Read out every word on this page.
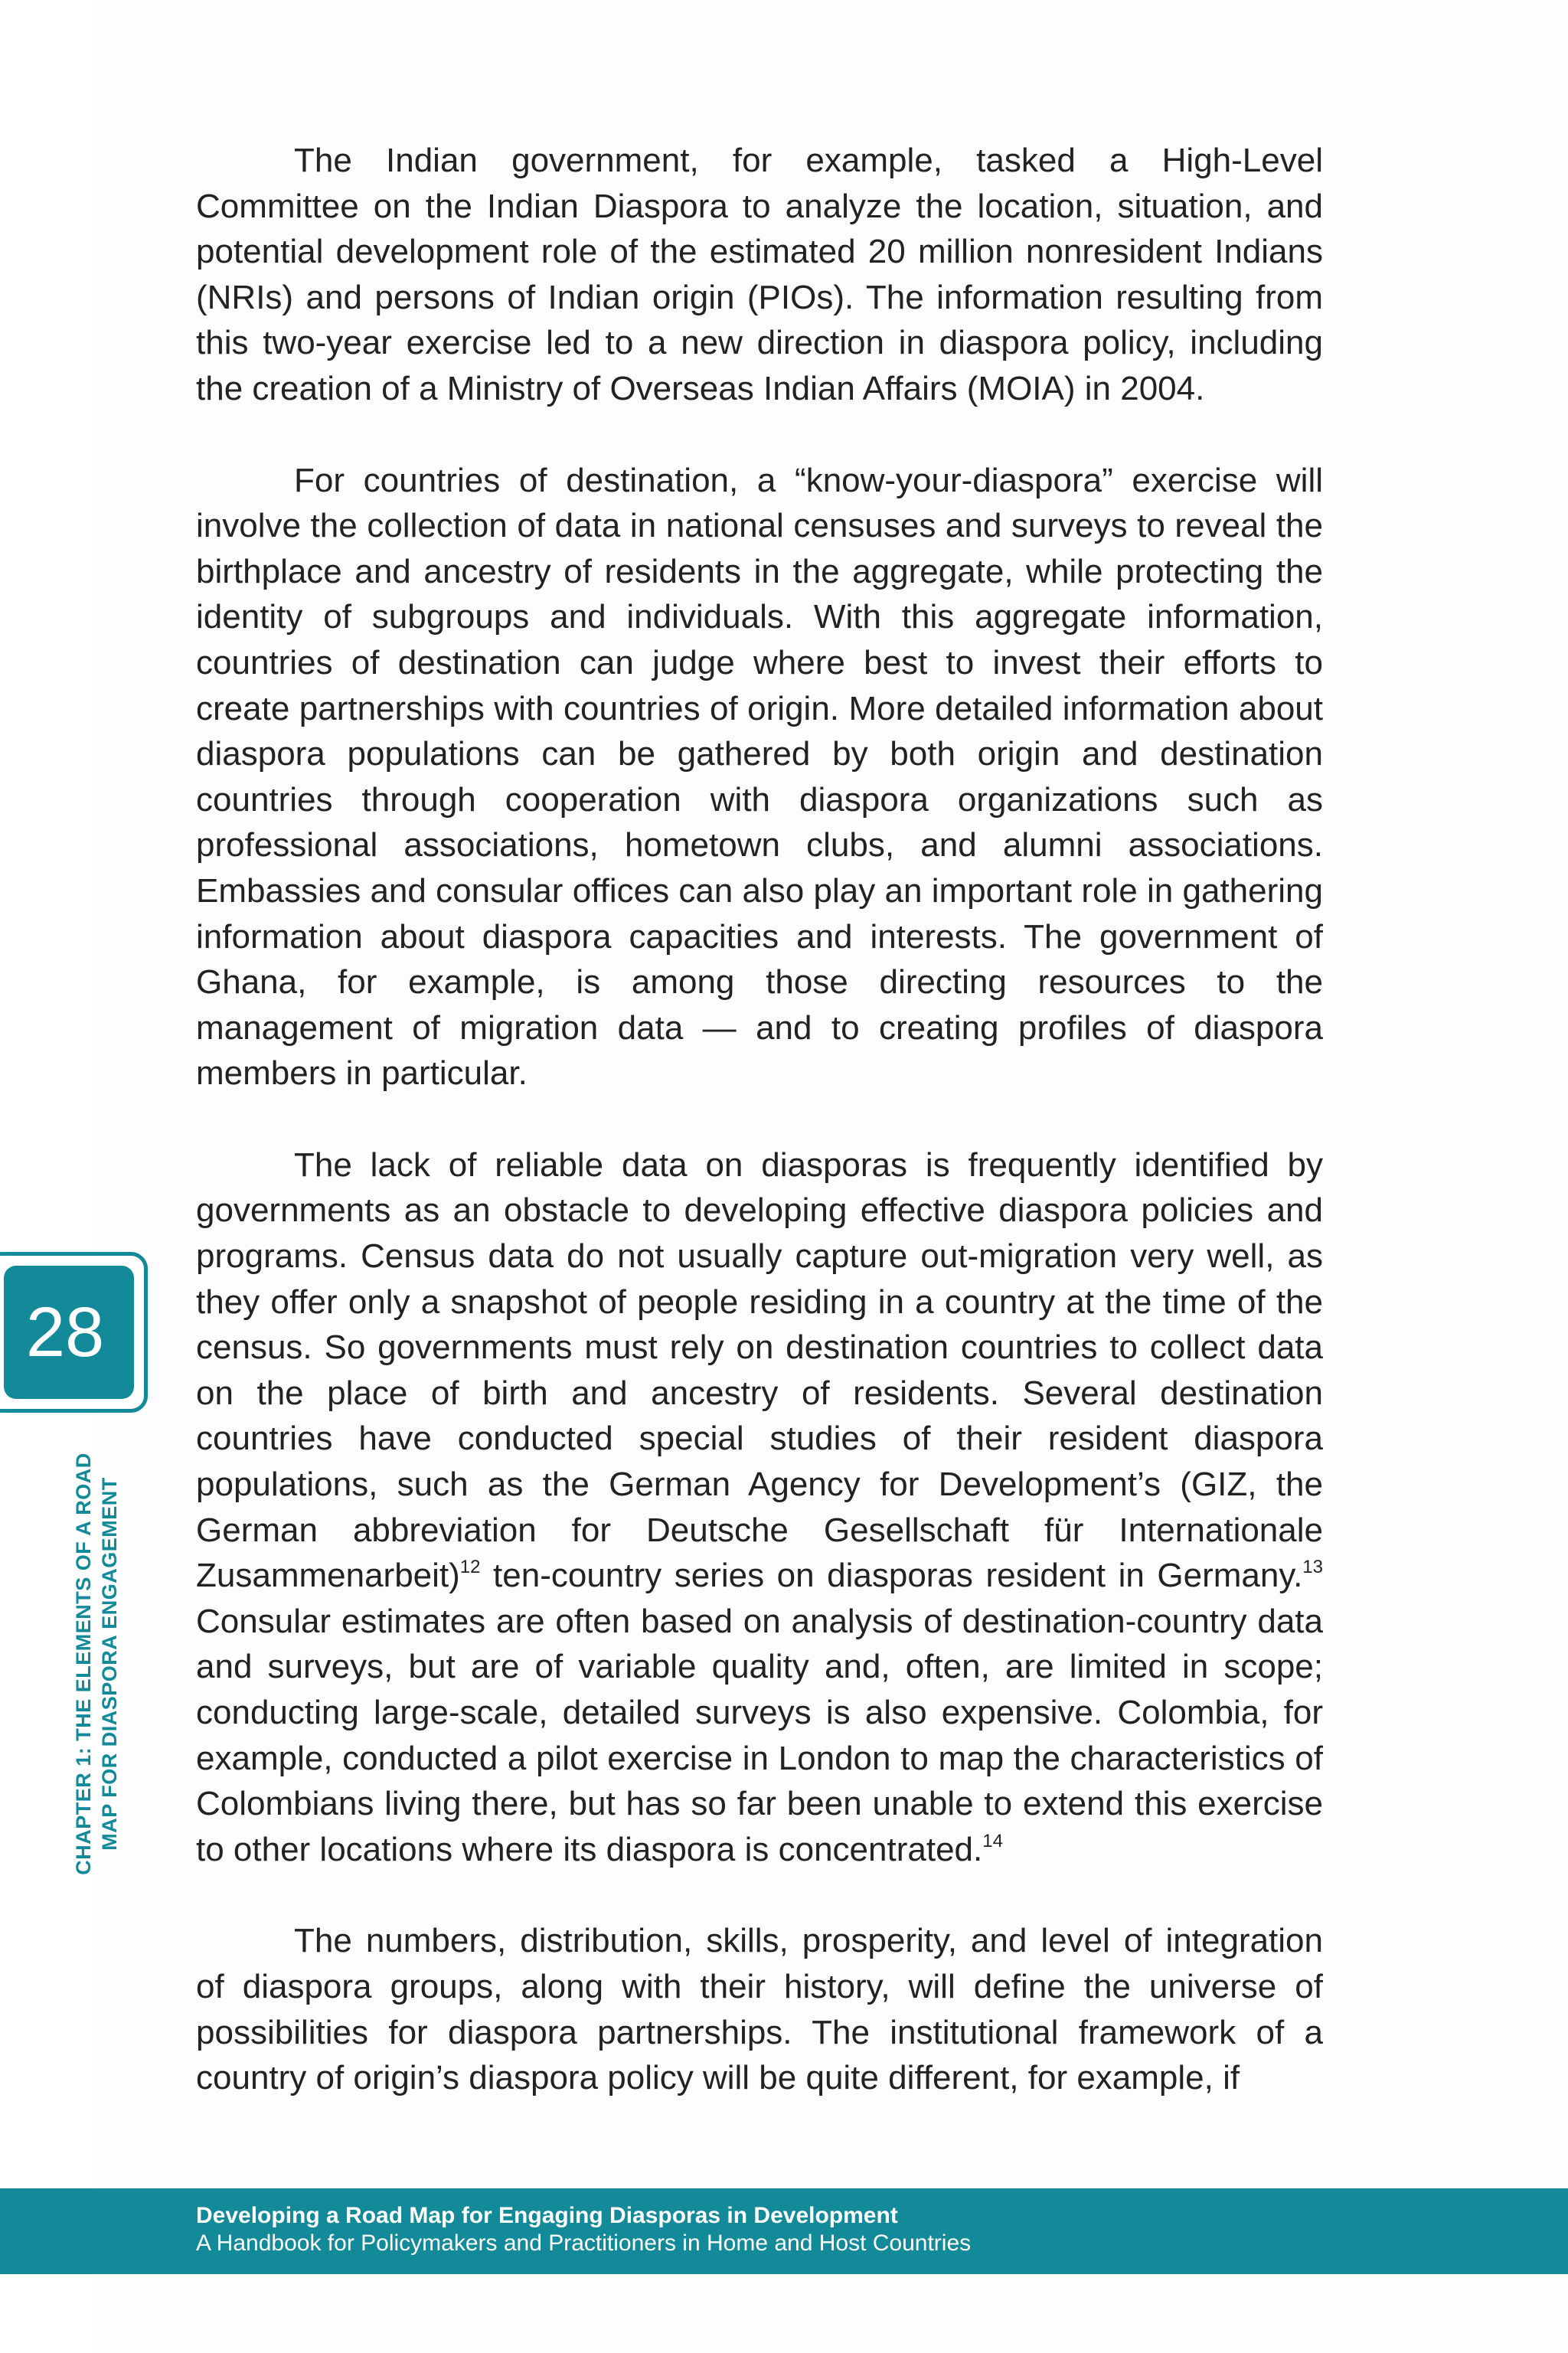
The Indian government, for example, tasked a High-Level Committee on the Indian Diaspora to analyze the location, situation, and potential development role of the estimated 20 million nonresident Indians (NRIs) and persons of Indian origin (PIOs). The information resulting from this two-year exercise led to a new direction in diaspora policy, including the creation of a Ministry of Overseas Indian Affairs (MOIA) in 2004.

For countries of destination, a “know-your-diaspora” exercise will involve the collection of data in national censuses and surveys to reveal the birthplace and ancestry of residents in the aggregate, while protecting the identity of subgroups and individuals. With this aggregate information, countries of destination can judge where best to invest their efforts to create partnerships with countries of origin. More detailed information about diaspora populations can be gathered by both origin and destination countries through cooperation with diaspora organizations such as professional associations, hometown clubs, and alumni associations. Embassies and consular offices can also play an important role in gathering information about diaspora capacities and interests. The government of Ghana, for example, is among those directing resources to the management of migration data — and to creating profiles of diaspora members in particular.

The lack of reliable data on diasporas is frequently identified by governments as an obstacle to developing effective diaspora policies and programs. Census data do not usually capture out-migration very well, as they offer only a snapshot of people residing in a country at the time of the census. So governments must rely on destination countries to collect data on the place of birth and ancestry of residents. Several destination countries have conducted special studies of their resident diaspora populations, such as the German Agency for Development’s (GIZ, the German abbreviation for Deutsche Gesellschaft für Internationale Zusammenarbeit)$^{12}$ ten-country series on diasporas resident in Germany.$^{13}$ Consular estimates are often based on analysis of destination-country data and surveys, but are of variable quality and, often, are limited in scope; conducting large-scale, detailed surveys is also expensive. Colombia, for example, conducted a pilot exercise in London to map the characteristics of Colombians living there, but has so far been unable to extend this exercise to other locations where its diaspora is concentrated.$^{14}$

The numbers, distribution, skills, prosperity, and level of integration of diaspora groups, along with their history, will define the universe of possibilities for diaspora partnerships. The institutional framework of a country of origin’s diaspora policy will be quite different, for example, if

28
CHAPTER 1: THE ELEMENTS OF A ROAD MAP FOR DIASPORA ENGAGEMENT
Developing a Road Map for Engaging Diasporas in Development
A Handbook for Policymakers and Practitioners in Home and Host Countries
